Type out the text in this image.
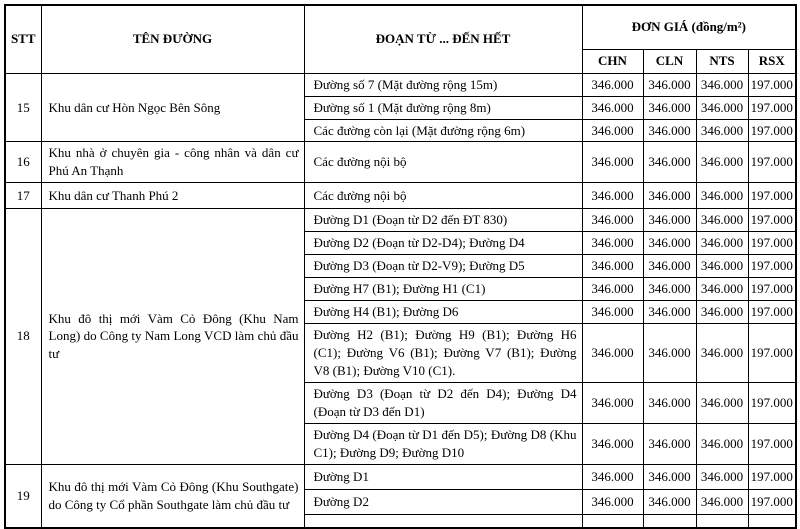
STT	TÊN ĐƯỜNG	ĐOẠN TỪ ... ĐẾN HẾT	ĐƠN GIÁ (đồng/m²)			
			CHN	CLN	NTS	RSX
15	Khu dân cư Hòn Ngọc Bên Sông	Đường số 7 (Mặt đường rộng 15m)	346.000	346.000	346.000	197.000
		Đường số 1 (Mặt đường rộng 8m)	346.000	346.000	346.000	197.000
		Các đường còn lại (Mặt đường rộng 6m)	346.000	346.000	346.000	197.000
16	Khu nhà ở chuyên gia - công nhân và dân cư Phú An Thạnh	Các đường nội bộ	346.000	346.000	346.000	197.000
17	Khu dân cư Thanh Phú 2	Các đường nội bộ	346.000	346.000	346.000	197.000
18	Khu đô thị mới Vàm Cỏ Đông (Khu Nam Long) do Công ty Nam Long VCD làm chủ đầu tư	Đường D1 (Đoạn từ D2 đến ĐT 830)	346.000	346.000	346.000	197.000
		Đường D2 (Đoạn từ D2-D4); Đường D4	346.000	346.000	346.000	197.000
		Đường D3 (Đoạn từ D2-V9); Đường D5	346.000	346.000	346.000	197.000
		Đường H7 (B1); Đường H1 (C1)	346.000	346.000	346.000	197.000
		Đường H4 (B1); Đường D6	346.000	346.000	346.000	197.000
		Đường H2 (B1); Đường H9 (B1); Đường H6 (C1); Đường V6 (B1); Đường V7 (B1); Đường V8 (B1); Đường V10 (C1).	346.000	346.000	346.000	197.000
		Đường D3 (Đoạn từ D2 đến D4); Đường D4 (Đoạn từ D3 đến D1)	346.000	346.000	346.000	197.000
		Đường D4 (Đoạn từ D1 đến D5); Đường D8 (Khu C1); Đường D9; Đường D10	346.000	346.000	346.000	197.000
19	Khu đô thị mới Vàm Cỏ Đông (Khu Southgate) do Công ty Cổ phần Southgate làm chủ đầu tư	Đường D1	346.000	346.000	346.000	197.000
		Đường D2	346.000	346.000	346.000	197.000
